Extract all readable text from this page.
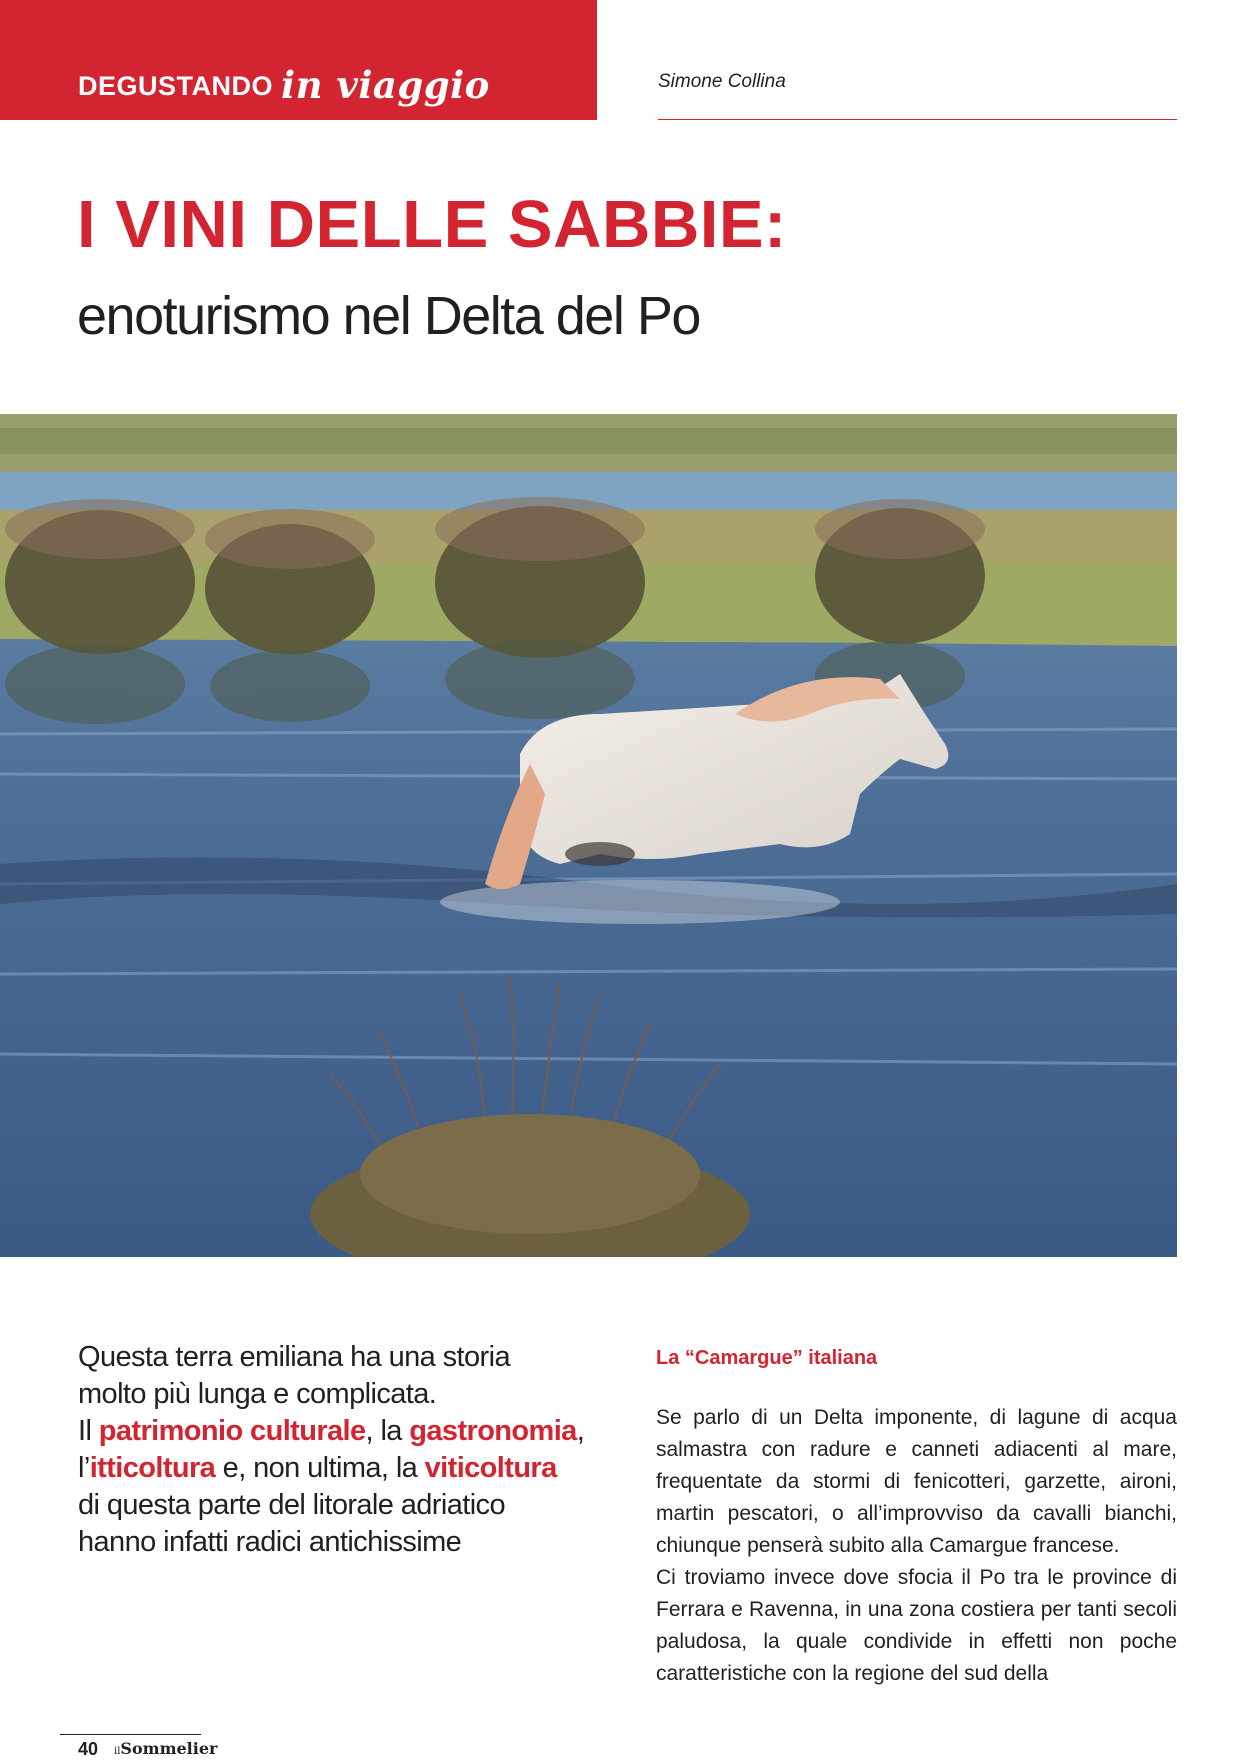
DEGUSTANDO in viaggio	Simone Collina
I VINI DELLE SABBIE:
enoturismo nel Delta del Po
Questa terra emiliana ha una storia
molto più lunga e complicata.
Il patrimonio culturale, la gastronomia,
l’itticoltura e, non ultima, la viticoltura
di questa parte del litorale adriatico
hanno infatti radici antichissime
La “Camargue” italiana

Se parlo di un Delta imponente, di lagune di acqua salmastra con radure e canneti adiacenti al mare, frequentate da stormi di fenicotteri, garzette, aironi, martin pescatori, o all’improvviso da cavalli bianchi, chiunque penserà subito alla Camargue francese.

Ci troviamo invece dove sfocia il Po tra le province di Ferrara e Ravenna, in una zona costiera per tanti secoli paludosa, la quale condivide in effetti non poche caratteristiche con la regione del sud della

40 ilSommelier
